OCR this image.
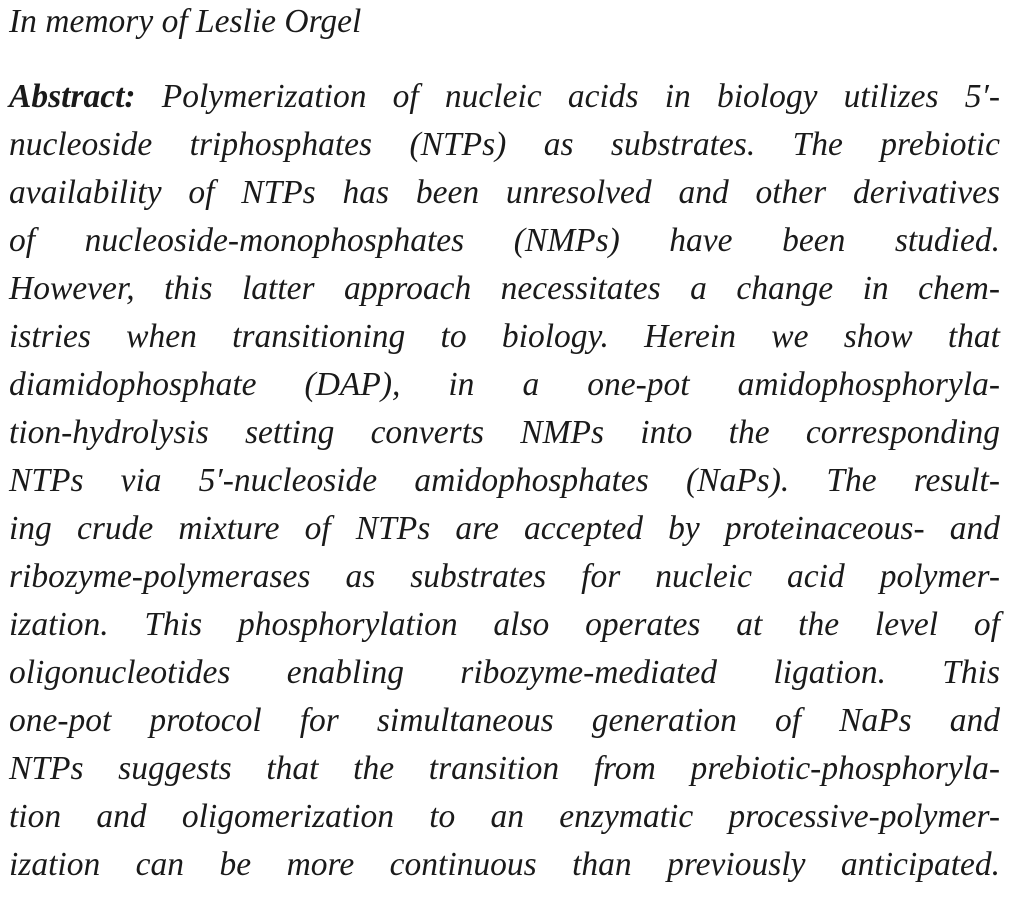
In memory of Leslie Orgel
Abstract: Polymerization of nucleic acids in biology utilizes 5′-
nucleoside triphosphates (NTPs) as substrates. The prebiotic
availability of NTPs has been unresolved and other derivatives
of nucleoside-monophosphates (NMPs) have been studied.
However, this latter approach necessitates a change in chem-
istries when transitioning to biology. Herein we show that
diamidophosphate (DAP), in a one-pot amidophosphoryla-
tion-hydrolysis setting converts NMPs into the corresponding
NTPs via 5′-nucleoside amidophosphates (NaPs). The result-
ing crude mixture of NTPs are accepted by proteinaceous- and
ribozyme-polymerases as substrates for nucleic acid polymer-
ization. This phosphorylation also operates at the level of
oligonucleotides enabling ribozyme-mediated ligation. This
one-pot protocol for simultaneous generation of NaPs and
NTPs suggests that the transition from prebiotic-phosphoryla-
tion and oligomerization to an enzymatic processive-polymer-
ization can be more continuous than previously anticipated.
